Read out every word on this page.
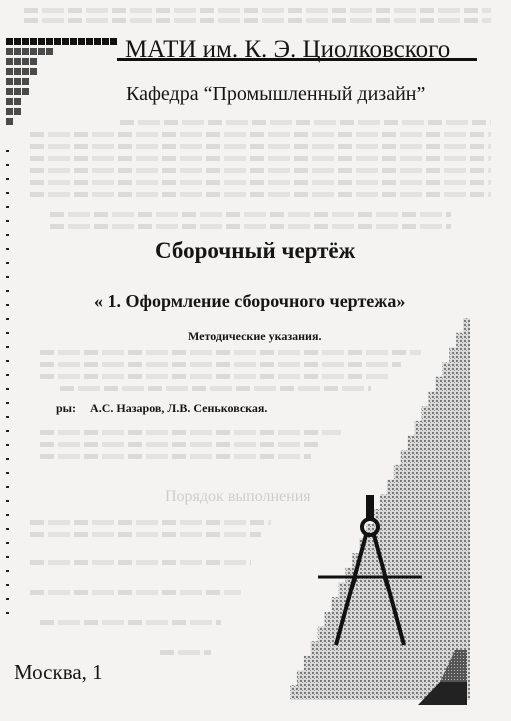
МАТИ им. К. Э. Циолковского
Кафедра “Промышленный дизайн”
Сборочный чертёж
« 1. Оформление сборочного чертежа»
Методические указания.
ры: А.С. Назаров, Л.В. Сеньковская.
Порядок выполнения
Москва, 1
